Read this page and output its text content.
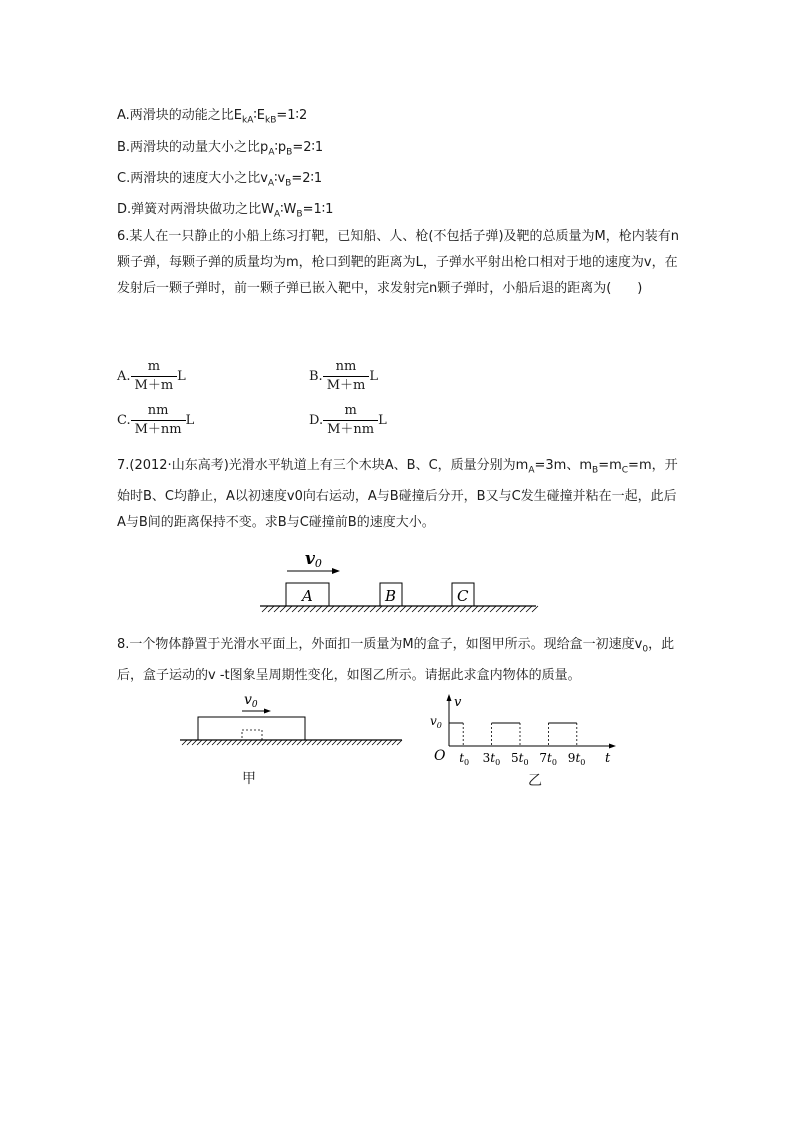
A.两滑块的动能之比$E_{kA}∶E_{kB}=1∶2$
B.两滑块的动量大小之比$p_A∶p_B=2∶1$
C.两滑块的速度大小之比$v_A∶v_B=2∶1$
D.弹簧对两滑块做功之比$W_A∶W_B=1∶1$
6.某人在一只静止的小船上练习打靶，已知船、人、枪(不包括子弹)及靶的总质量为M，枪内装有n颗子弹，每颗子弹的质量均为m，枪口到靶的距离为L，子弹水平射出枪口相对于地的速度为v，在发射后一颗子弹时，前一颗子弹已嵌入靶中，求发射完n颗子弹时，小船后退的距离为(　　)
A. $\frac{m}{M+m}$ L	B. $\frac{nm}{M+m}$ L
C. $\frac{nm}{M+nm}$ L	D. $\frac{m}{M+nm}$ L
7.(2012·山东高考)光滑水平轨道上有三个木块A、B、C，质量分别为$m_A=3m$、$m_B=m_C=m$，开始时B、C均静止，A以初速度v0向右运动，A与B碰撞后分开，B又与C发生碰撞并粘在一起，此后A与B间的距离保持不变。求B与C碰撞前B的速度大小。
v0
A	B	C
8.一个物体静置于光滑水平面上，外面扣一质量为M的盒子，如图甲所示。现给盒一初速度$v_0$，此后，盒子运动的v -t图象呈周期性变化，如图乙所示。请据此求盒内物体的质量。
$v_0$
甲
v
t
O
$v_0$
$t_0$ $3t_0$ $5t_0$ $7t_0$ $9t_0$
乙
